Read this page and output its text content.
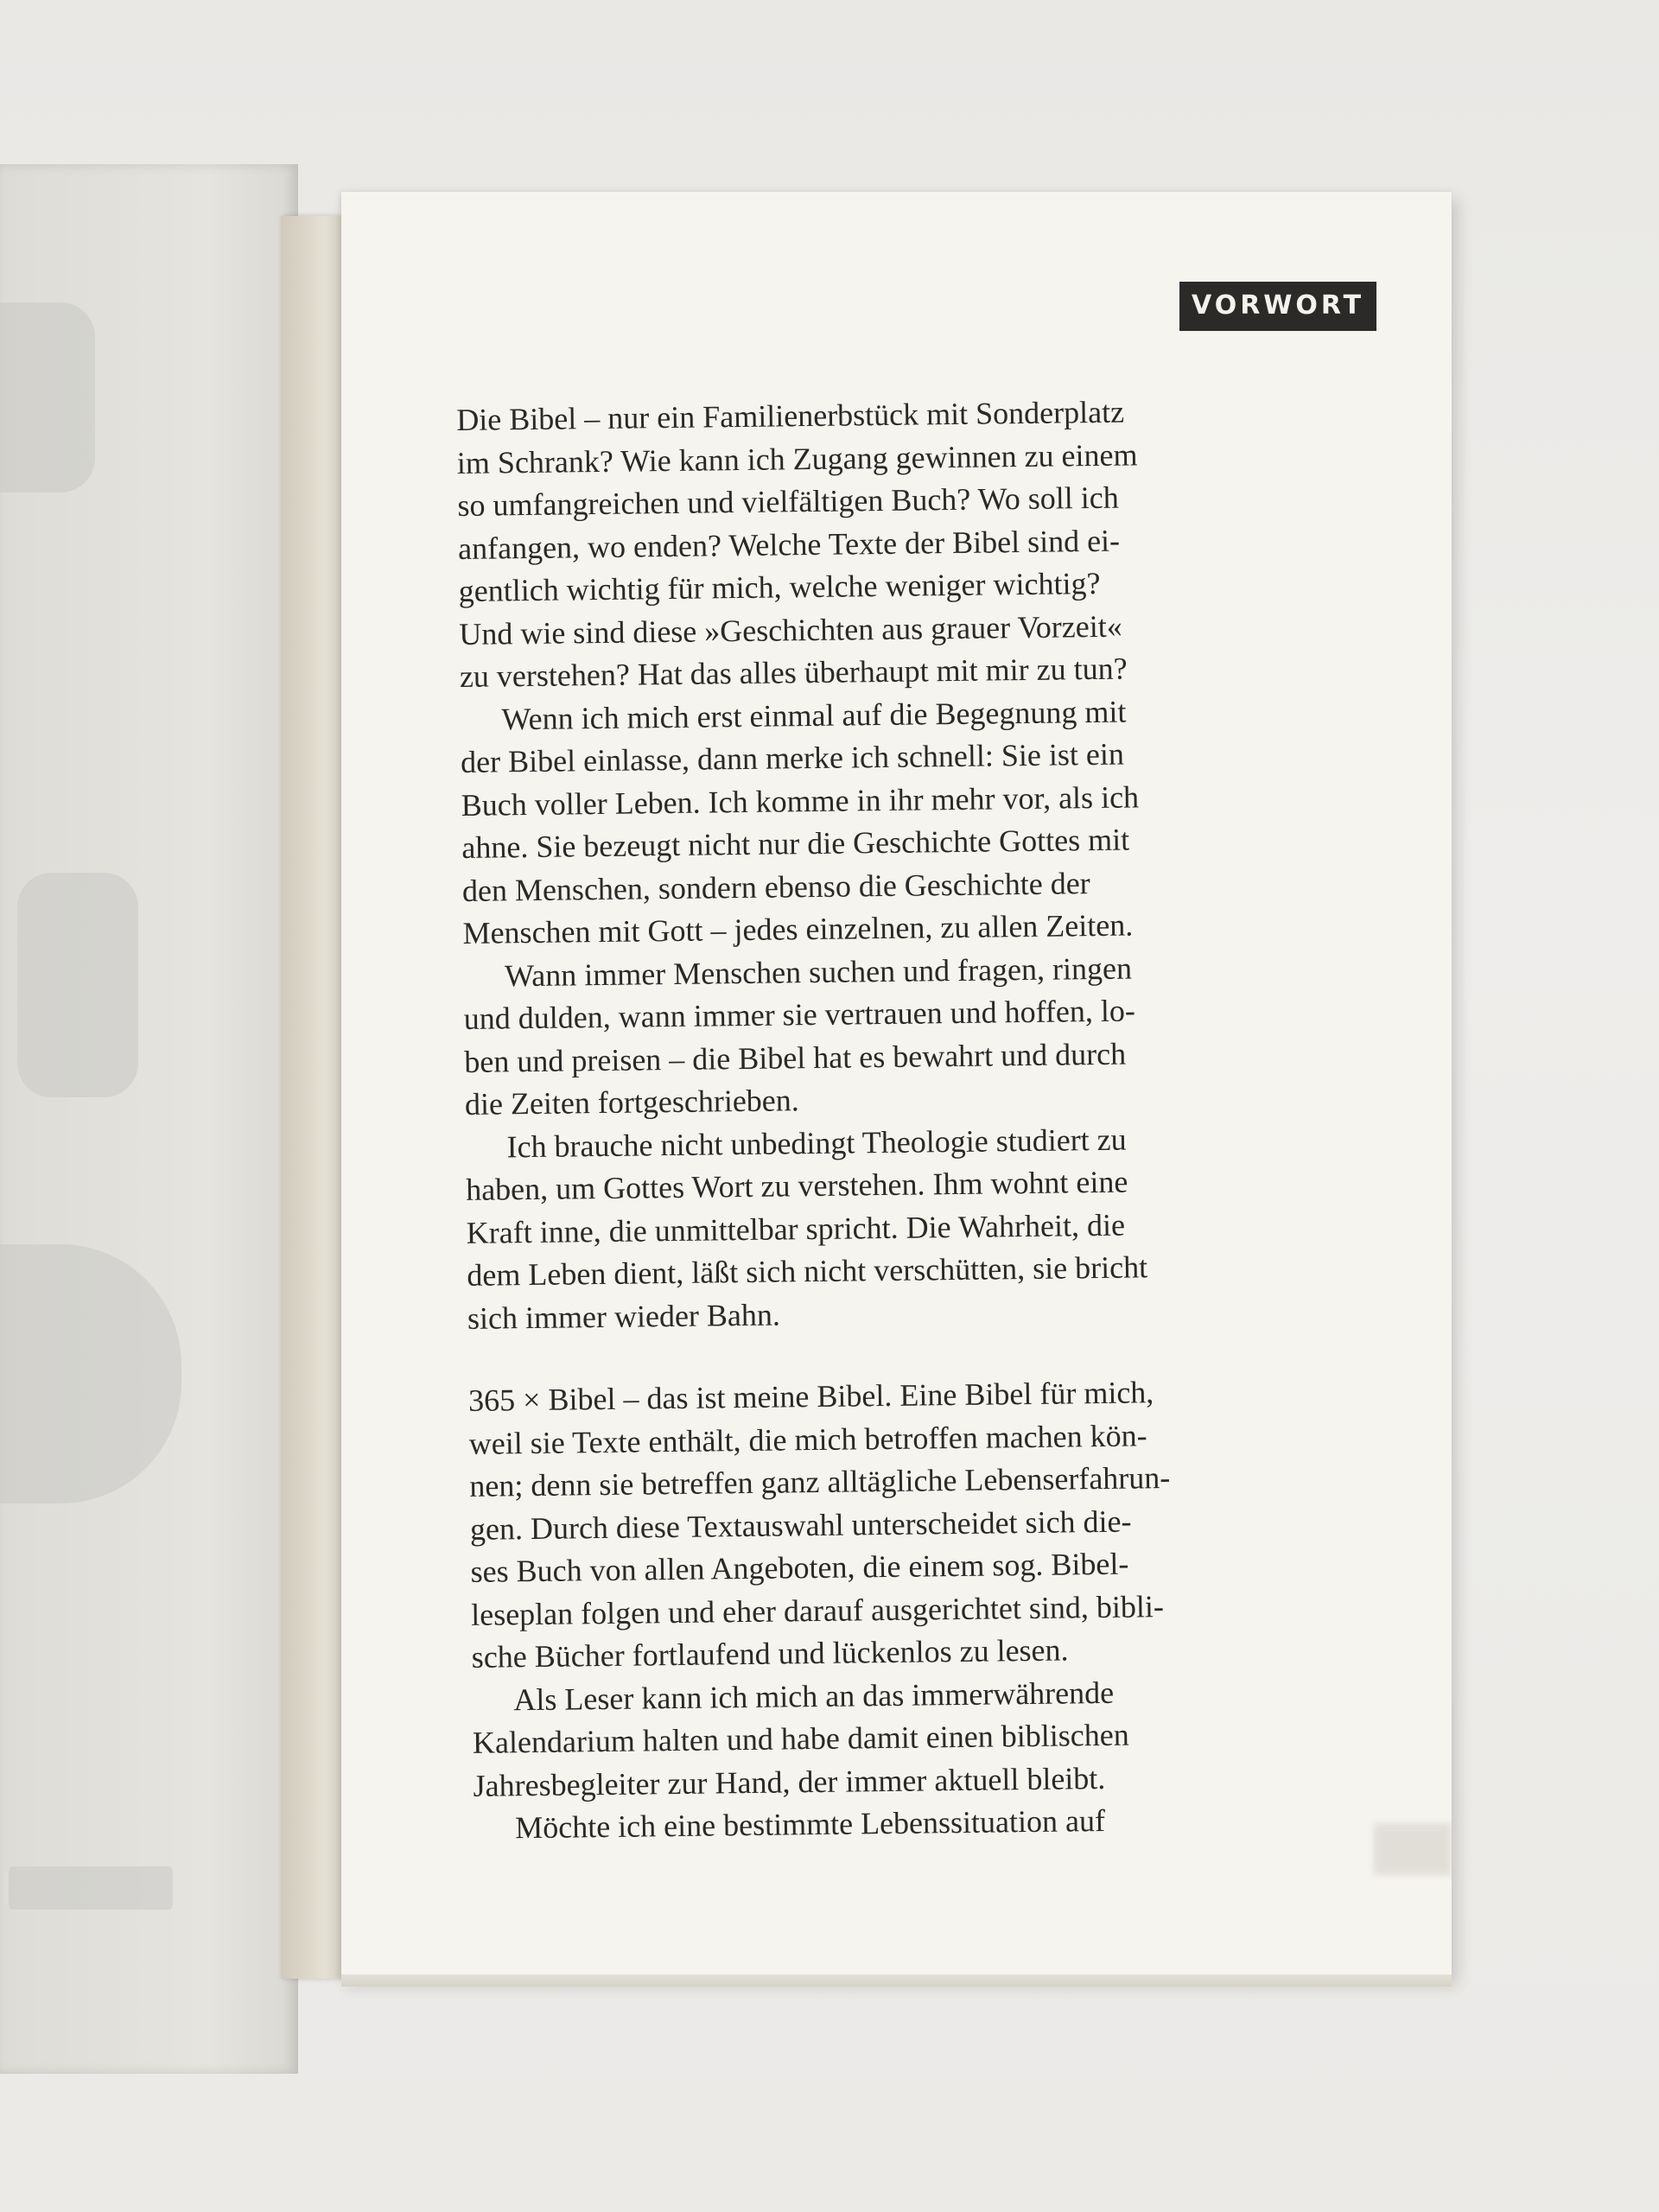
VORWORT
Die Bibel – nur ein Familienerbstück mit Sonderplatz
im Schrank? Wie kann ich Zugang gewinnen zu einem
so umfangreichen und vielfältigen Buch? Wo soll ich
anfangen, wo enden? Welche Texte der Bibel sind ei-
gentlich wichtig für mich, welche weniger wichtig?
Und wie sind diese »Geschichten aus grauer Vorzeit«
zu verstehen? Hat das alles überhaupt mit mir zu tun?
Wenn ich mich erst einmal auf die Begegnung mit
der Bibel einlasse, dann merke ich schnell: Sie ist ein
Buch voller Leben. Ich komme in ihr mehr vor, als ich
ahne. Sie bezeugt nicht nur die Geschichte Gottes mit
den Menschen, sondern ebenso die Geschichte der
Menschen mit Gott – jedes einzelnen, zu allen Zeiten.
Wann immer Menschen suchen und fragen, ringen
und dulden, wann immer sie vertrauen und hoffen, lo-
ben und preisen – die Bibel hat es bewahrt und durch
die Zeiten fortgeschrieben.
Ich brauche nicht unbedingt Theologie studiert zu
haben, um Gottes Wort zu verstehen. Ihm wohnt eine
Kraft inne, die unmittelbar spricht. Die Wahrheit, die
dem Leben dient, läßt sich nicht verschütten, sie bricht
sich immer wieder Bahn.
365 × Bibel – das ist meine Bibel. Eine Bibel für mich,
weil sie Texte enthält, die mich betroffen machen kön-
nen; denn sie betreffen ganz alltägliche Lebenserfahrun-
gen. Durch diese Textauswahl unterscheidet sich die-
ses Buch von allen Angeboten, die einem sog. Bibel-
leseplan folgen und eher darauf ausgerichtet sind, bibli-
sche Bücher fortlaufend und lückenlos zu lesen.
Als Leser kann ich mich an das immerwährende
Kalendarium halten und habe damit einen biblischen
Jahresbegleiter zur Hand, der immer aktuell bleibt.
Möchte ich eine bestimmte Lebenssituation auf
